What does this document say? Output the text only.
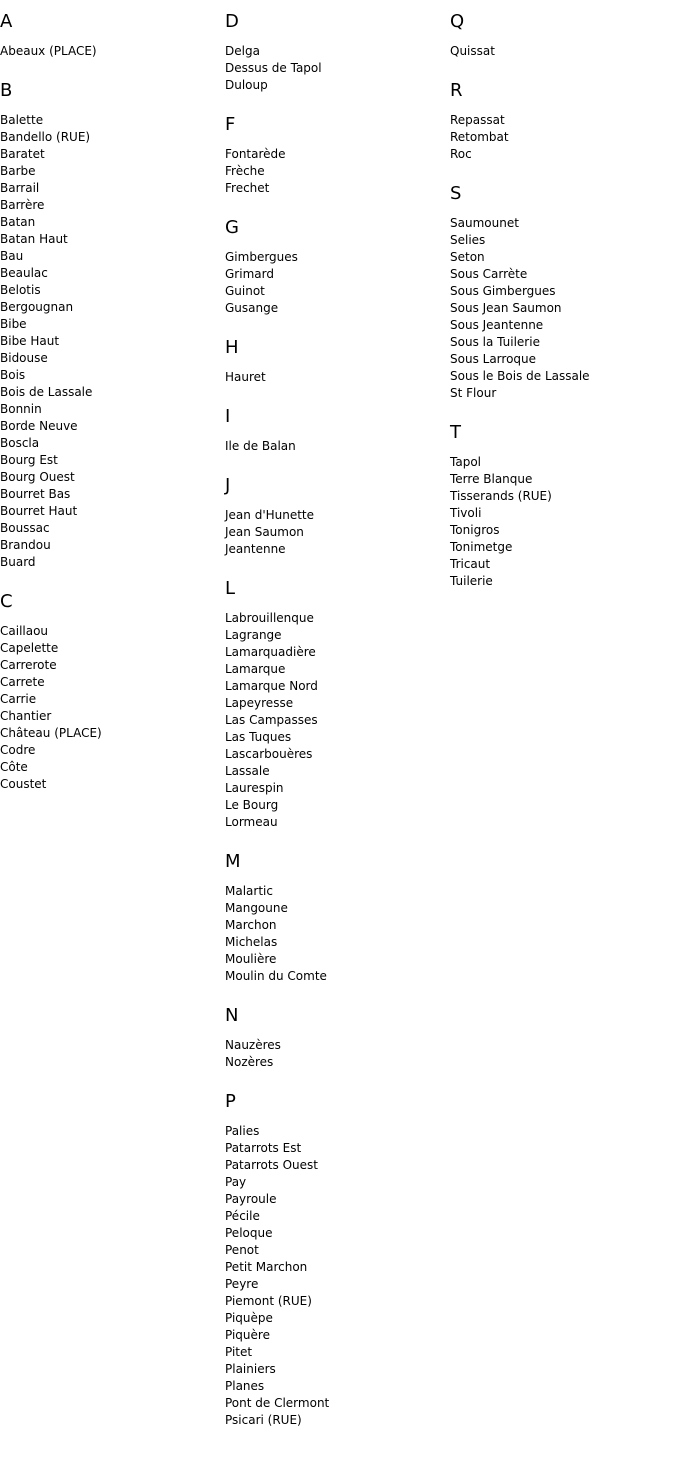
A
Abeaux (PLACE)
B
Balette
Bandello (RUE)
Baratet
Barbe
Barrail
Barrère
Batan
Batan Haut
Bau
Beaulac
Belotis
Bergougnan
Bibe
Bibe Haut
Bidouse
Bois
Bois de Lassale
Bonnin
Borde Neuve
Boscla
Bourg Est
Bourg Ouest
Bourret Bas
Bourret Haut
Boussac
Brandou
Buard
C
Caillaou
Capelette
Carrerote
Carrete
Carrie
Chantier
Château (PLACE)
Codre
Côte
Coustet
D
Delga
Dessus de Tapol
Duloup
F
Fontarède
Frèche
Frechet
G
Gimbergues
Grimard
Guinot
Gusange
H
Hauret
I
Ile de Balan
J
Jean d'Hunette
Jean Saumon
Jeantenne
L
Labrouillenque
Lagrange
Lamarquadière
Lamarque
Lamarque Nord
Lapeyresse
Las Campasses
Las Tuques
Lascarbouères
Lassale
Laurespin
Le Bourg
Lormeau
M
Malartic
Mangoune
Marchon
Michelas
Moulière
Moulin du Comte
N
Nauzères
Nozères
P
Palies
Patarrots Est
Patarrots Ouest
Pay
Payroule
Pécile
Peloque
Penot
Petit Marchon
Peyre
Piemont (RUE)
Piquèpe
Piquère
Pitet
Plainiers
Planes
Pont de Clermont
Psicari (RUE)
Q
Quissat
R
Repassat
Retombat
Roc
S
Saumounet
Selies
Seton
Sous Carrète
Sous Gimbergues
Sous Jean Saumon
Sous Jeantenne
Sous la Tuilerie
Sous Larroque
Sous le Bois de Lassale
St Flour
T
Tapol
Terre Blanque
Tisserands (RUE)
Tivoli
Tonigros
Tonimetge
Tricaut
Tuilerie
